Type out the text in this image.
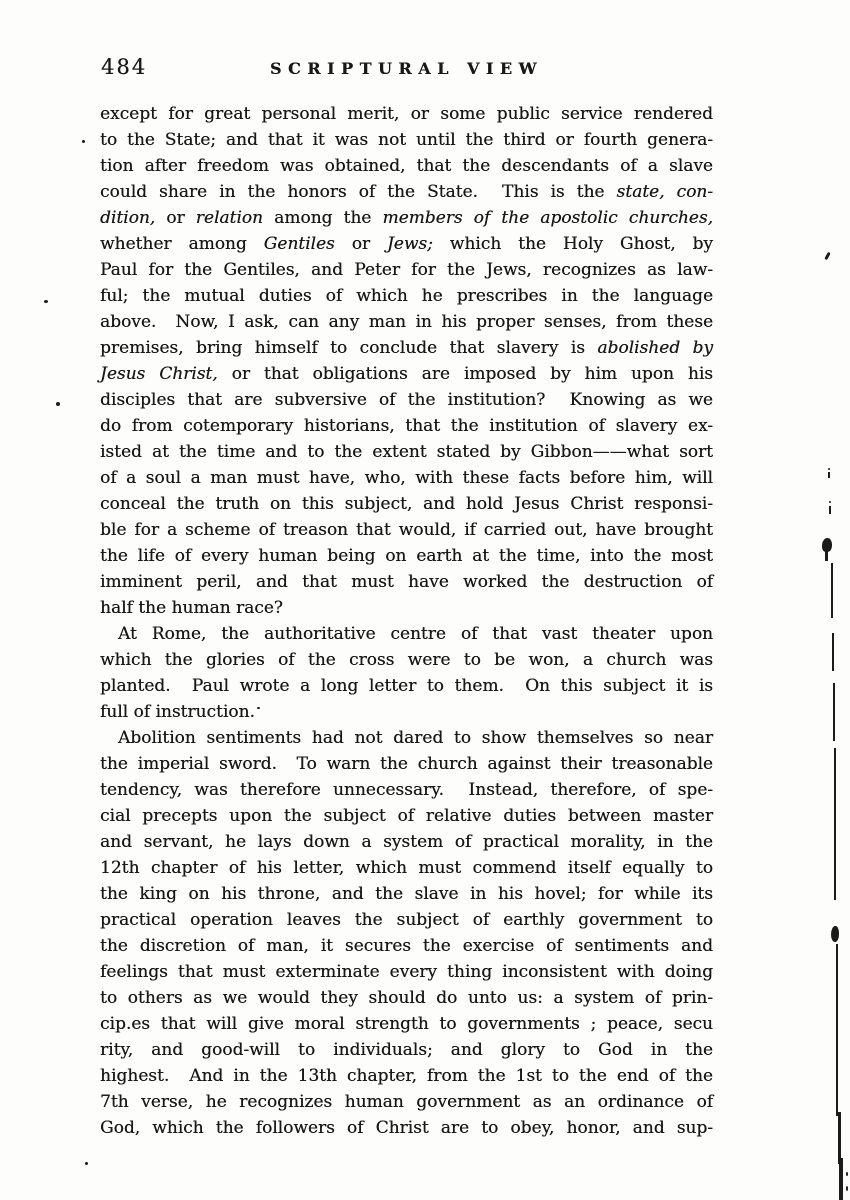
484	SCRIPTURAL VIEW
except for great personal merit, or some public service rendered
to the State; and that it was not until the third or fourth genera-
tion after freedom was obtained, that the descendants of a slave
could share in the honors of the State.  This is the state, con-
dition, or relation among the members of the apostolic churches,
whether among Gentiles or Jews; which the Holy Ghost, by
Paul for the Gentiles, and Peter for the Jews, recognizes as law-
ful; the mutual duties of which he prescribes in the language
above.  Now, I ask, can any man in his proper senses, from these
premises, bring himself to conclude that slavery is abolished by
Jesus Christ, or that obligations are imposed by him upon his
disciples that are subversive of the institution?  Knowing as we
do from cotemporary historians, that the institution of slavery ex-
isted at the time and to the extent stated by Gibbon——what sort
of a soul a man must have, who, with these facts before him, will
conceal the truth on this subject, and hold Jesus Christ responsi-
ble for a scheme of treason that would, if carried out, have brought
the life of every human being on earth at the time, into the most
imminent peril, and that must have worked the destruction of
half the human race?
At Rome, the authoritative centre of that vast theater upon
which the glories of the cross were to be won, a church was
planted.  Paul wrote a long letter to them.  On this subject it is
full of instruction.
Abolition sentiments had not dared to show themselves so near
the imperial sword.  To warn the church against their treasonable
tendency, was therefore unnecessary.  Instead, therefore, of spe-
cial precepts upon the subject of relative duties between master
and servant, he lays down a system of practical morality, in the
12th chapter of his letter, which must commend itself equally to
the king on his throne, and the slave in his hovel; for while its
practical operation leaves the subject of earthly government to
the discretion of man, it secures the exercise of sentiments and
feelings that must exterminate every thing inconsistent with doing
to others as we would they should do unto us: a system of prin-
cip.es that will give moral strength to governments ; peace, secu
rity, and good-will to individuals; and glory to God in the
highest.  And in the 13th chapter, from the 1st to the end of the
7th verse, he recognizes human government as an ordinance of
God, which the followers of Christ are to obey, honor, and sup-
